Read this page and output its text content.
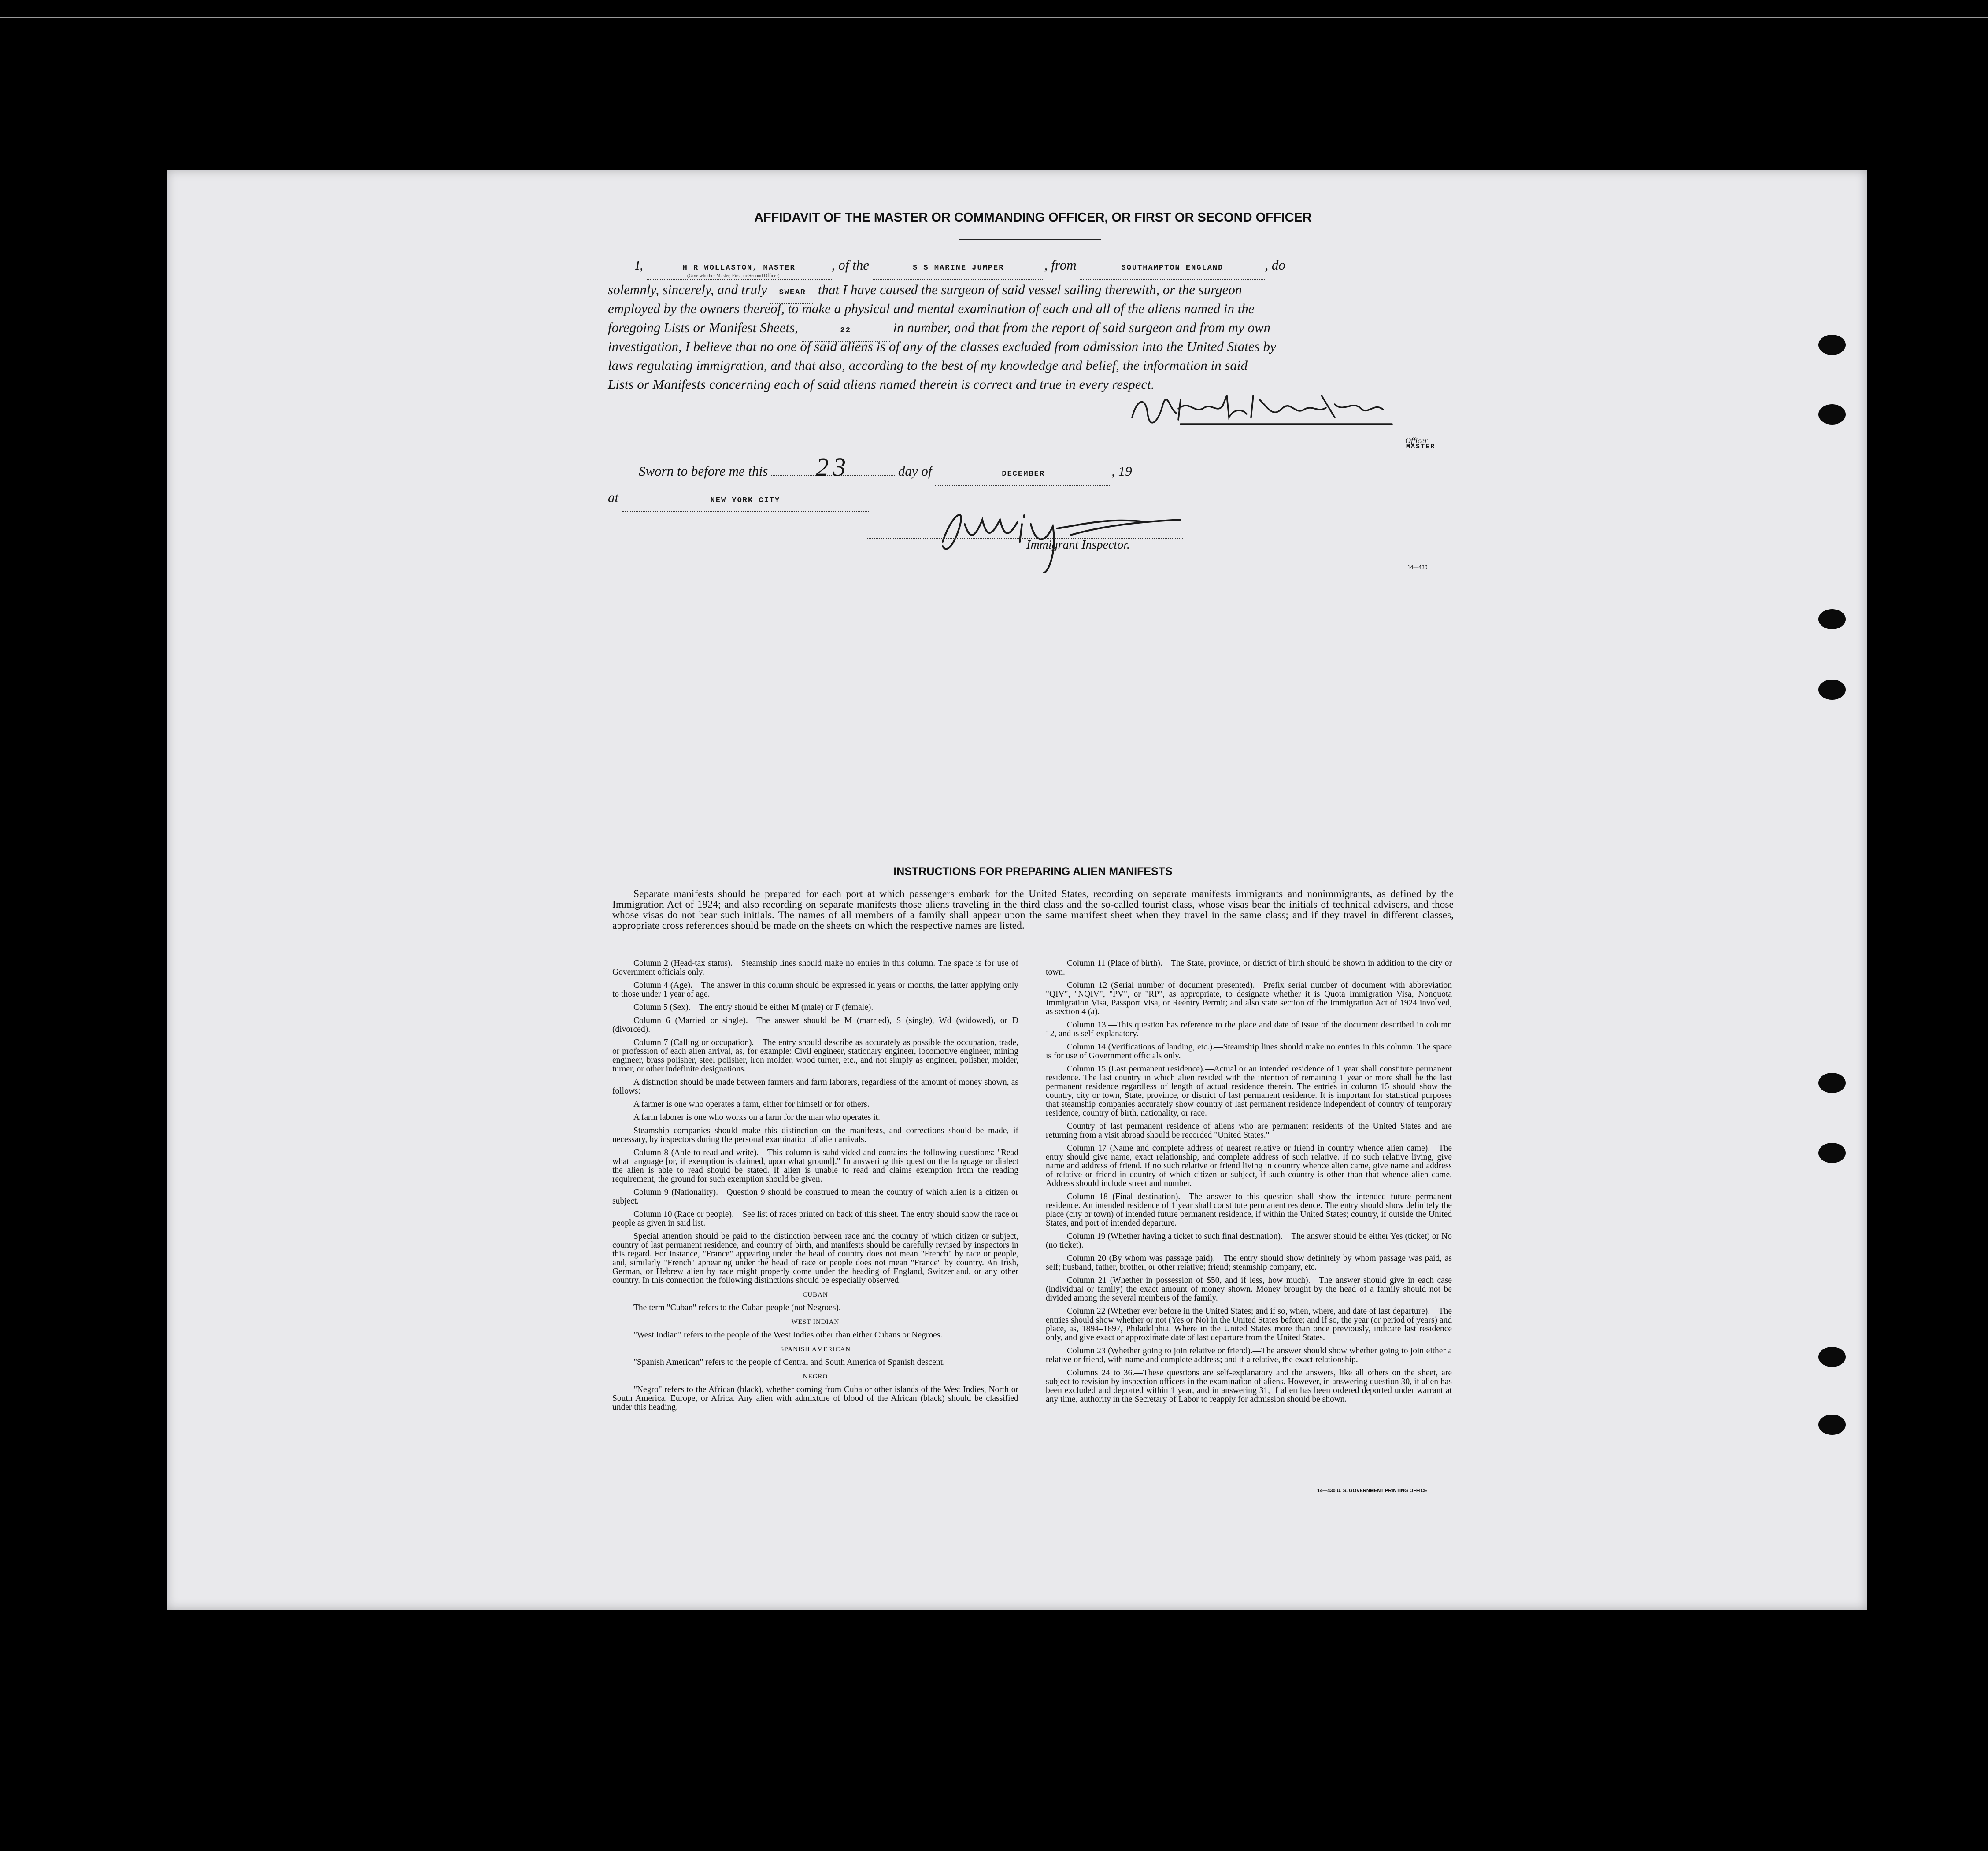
AFFIDAVIT OF THE MASTER OR COMMANDING OFFICER, OR FIRST OR SECOND OFFICER
I,	H R WOLLASTON, MASTER	, of the	S S MARINE JUMPER	, from	SOUTHAMPTON ENGLAND	, do
(Give whether Master, First, or Second Officer)
solemnly, sincerely, and truly SWEAR that I have caused the surgeon of said vessel sailing therewith, or the surgeon
employed by the owners thereof, to make a physical and mental examination of each and all of the aliens named in the
foregoing Lists or Manifest Sheets,	22	in number, and that from the report of said surgeon and from my own
investigation, I believe that no one of said aliens is of any of the classes excluded from admission into the United States by
laws regulating immigration, and that also, according to the best of my knowledge and belief, the information in said
Lists or Manifests concerning each of said aliens named therein is correct and true in every respect.
Officer
MASTER
Sworn to before me this 23	day of	DECEMBER	, 19
at	NEW YORK CITY
Immigrant Inspector.
14—430
INSTRUCTIONS FOR PREPARING ALIEN MANIFESTS

Separate manifests should be prepared for each port at which passengers embark for the United States, recording on separate manifests immigrants and nonimmigrants, as defined by the Immigration Act of 1924; and also recording on separate manifests those aliens traveling in the third class and the so-called tourist class, whose visas bear the initials of technical advisers, and those whose visas do not bear such initials. The names of all members of a family shall appear upon the same manifest sheet when they travel in the same class; and if they travel in different classes, appropriate cross references should be made on the sheets on which the respective names are listed.

Column 2 (Head-tax status).—Steamship lines should make no entries in this column. The space is for use of Government officials only.

Column 4 (Age).—The answer in this column should be expressed in years or months, the latter applying only to those under 1 year of age.

Column 5 (Sex).—The entry should be either M (male) or F (female).

Column 6 (Married or single).—The answer should be M (married), S (single), Wd (widowed), or D (divorced).

Column 7 (Calling or occupation).—The entry should describe as accurately as possible the occupation, trade, or profession of each alien arrival, as, for example: Civil engineer, stationary engineer, locomotive engineer, mining engineer, brass polisher, steel polisher, iron molder, wood turner, etc., and not simply as engineer, polisher, molder, turner, or other indefinite designations.

A distinction should be made between farmers and farm laborers, regardless of the amount of money shown, as follows:

A farmer is one who operates a farm, either for himself or for others.

A farm laborer is one who works on a farm for the man who operates it.

Steamship companies should make this distinction on the manifests, and corrections should be made, if necessary, by inspectors during the personal examination of alien arrivals.

Column 8 (Able to read and write).—This column is subdivided and contains the following questions: "Read what language [or, if exemption is claimed, upon what ground]." In answering this question the language or dialect the alien is able to read should be stated. If alien is unable to read and claims exemption from the reading requirement, the ground for such exemption should be given.

Column 9 (Nationality).—Question 9 should be construed to mean the country of which alien is a citizen or subject.

Column 10 (Race or people).—See list of races printed on back of this sheet. The entry should show the race or people as given in said list.

Special attention should be paid to the distinction between race and the country of which citizen or subject, country of last permanent residence, and country of birth, and manifests should be carefully revised by inspectors in this regard. For instance, "France" appearing under the head of country does not mean "French" by race or people, and, similarly "French" appearing under the head of race or people does not mean "France" by country. An Irish, German, or Hebrew alien by race might properly come under the heading of England, Switzerland, or any other country. In this connection the following distinctions should be especially observed:

CUBAN

The term "Cuban" refers to the Cuban people (not Negroes).

WEST INDIAN

"West Indian" refers to the people of the West Indies other than either Cubans or Negroes.

SPANISH AMERICAN

"Spanish American" refers to the people of Central and South America of Spanish descent.

NEGRO

"Negro" refers to the African (black), whether coming from Cuba or other islands of the West Indies, North or South America, Europe, or Africa. Any alien with admixture of blood of the African (black) should be classified under this heading.

Column 11 (Place of birth).—The State, province, or district of birth should be shown in addition to the city or town.

Column 12 (Serial number of document presented).—Prefix serial number of document with abbreviation "QIV", "NQIV", "PV", or "RP", as appropriate, to designate whether it is Quota Immigration Visa, Nonquota Immigration Visa, Passport Visa, or Reentry Permit; and also state section of the Immigration Act of 1924 involved, as section 4 (a).

Column 13.—This question has reference to the place and date of issue of the document described in column 12, and is self-explanatory.

Column 14 (Verifications of landing, etc.).—Steamship lines should make no entries in this column. The space is for use of Government officials only.

Column 15 (Last permanent residence).—Actual or an intended residence of 1 year shall constitute permanent residence. The last country in which alien resided with the intention of remaining 1 year or more shall be the last permanent residence regardless of length of actual residence therein. The entries in column 15 should show the country, city or town, State, province, or district of last permanent residence. It is important for statistical purposes that steamship companies accurately show country of last permanent residence independent of country of temporary residence, country of birth, nationality, or race.

Country of last permanent residence of aliens who are permanent residents of the United States and are returning from a visit abroad should be recorded "United States."

Column 17 (Name and complete address of nearest relative or friend in country whence alien came).—The entry should give name, exact relationship, and complete address of such relative. If no such relative living, give name and address of friend. If no such relative or friend living in country whence alien came, give name and address of relative or friend in country of which citizen or subject, if such country is other than that whence alien came. Address should include street and number.

Column 18 (Final destination).—The answer to this question shall show the intended future permanent residence. An intended residence of 1 year shall constitute permanent residence. The entry should show definitely the place (city or town) of intended future permanent residence, if within the United States; country, if outside the United States, and port of intended departure.

Column 19 (Whether having a ticket to such final destination).—The answer should be either Yes (ticket) or No (no ticket).

Column 20 (By whom was passage paid).—The entry should show definitely by whom passage was paid, as self; husband, father, brother, or other relative; friend; steamship company, etc.

Column 21 (Whether in possession of $50, and if less, how much).—The answer should give in each case (individual or family) the exact amount of money shown. Money brought by the head of a family should not be divided among the several members of the family.

Column 22 (Whether ever before in the United States; and if so, when, where, and date of last departure).—The entries should show whether or not (Yes or No) in the United States before; and if so, the year (or period of years) and place, as, 1894–1897, Philadelphia. Where in the United States more than once previously, indicate last residence only, and give exact or approximate date of last departure from the United States.

Column 23 (Whether going to join relative or friend).—The answer should show whether going to join either a relative or friend, with name and complete address; and if a relative, the exact relationship.

Columns 24 to 36.—These questions are self-explanatory and the answers, like all others on the sheet, are subject to revision by inspection officers in the examination of aliens. However, in answering question 30, if alien has been excluded and deported within 1 year, and in answering 31, if alien has been ordered deported under warrant at any time, authority in the Secretary of Labor to reapply for admission should be shown.

14—430 U. S. GOVERNMENT PRINTING OFFICE
